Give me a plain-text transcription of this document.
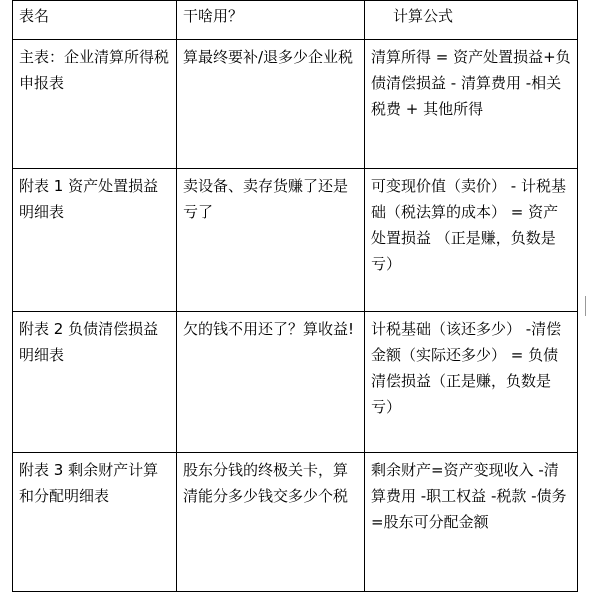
表名	干啥用？	计算公式
主表：企业清算所得税申报表	算最终要补/退多少企业税	清算所得 = 资产处置损益+负债清偿损益 - 清算费用 -相关税费 + 其他所得
附表 1 资产处置损益明细表	卖设备、卖存货赚了还是亏了	可变现价值（卖价） - 计税基础（税法算的成本） = 资产处置损益 （正是赚，负数是亏）
附表 2 负债清偿损益明细表	欠的钱不用还了？算收益!	计税基础（该还多少） -清偿金额（实际还多少） = 负债清偿损益（正是赚，负数是亏）
附表 3 剩余财产计算和分配明细表	股东分钱的终极关卡，算清能分多少钱交多少个税	剩余财产=资产变现收入 -清算费用 -职工权益 -税款 -债务=股东可分配金额
